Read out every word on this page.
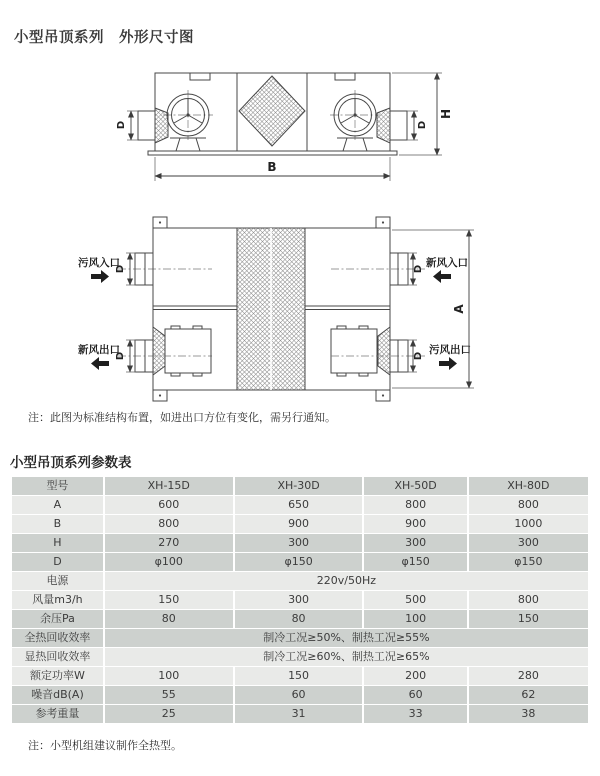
小型吊顶系列　外形尺寸图
D	D
H
B
D
污风入口
D
新风出口
D 新风入口
D 污风出口
A
注：此图为标准结构布置，如进出口方位有变化，需另行通知。
小型吊顶系列参数表
型号	XH-15D	XH-30D	XH-50D	XH-80D
A	600	650	800	800
B	800	900	900	1000
H	270	300	300	300
D	φ100	φ150	φ150	φ150
电源	220v/50Hz			
风量m3/h	150	300	500	800
余压Pa	80	80	100	150
全热回收效率	制冷工况≥50%、制热工况≥55%			
显热回收效率	制冷工况≥60%、制热工况≥65%			
额定功率W	100	150	200	280
噪音dB(A)	55	60	60	62
参考重量	25	31	33	38
注：小型机组建议制作全热型。
